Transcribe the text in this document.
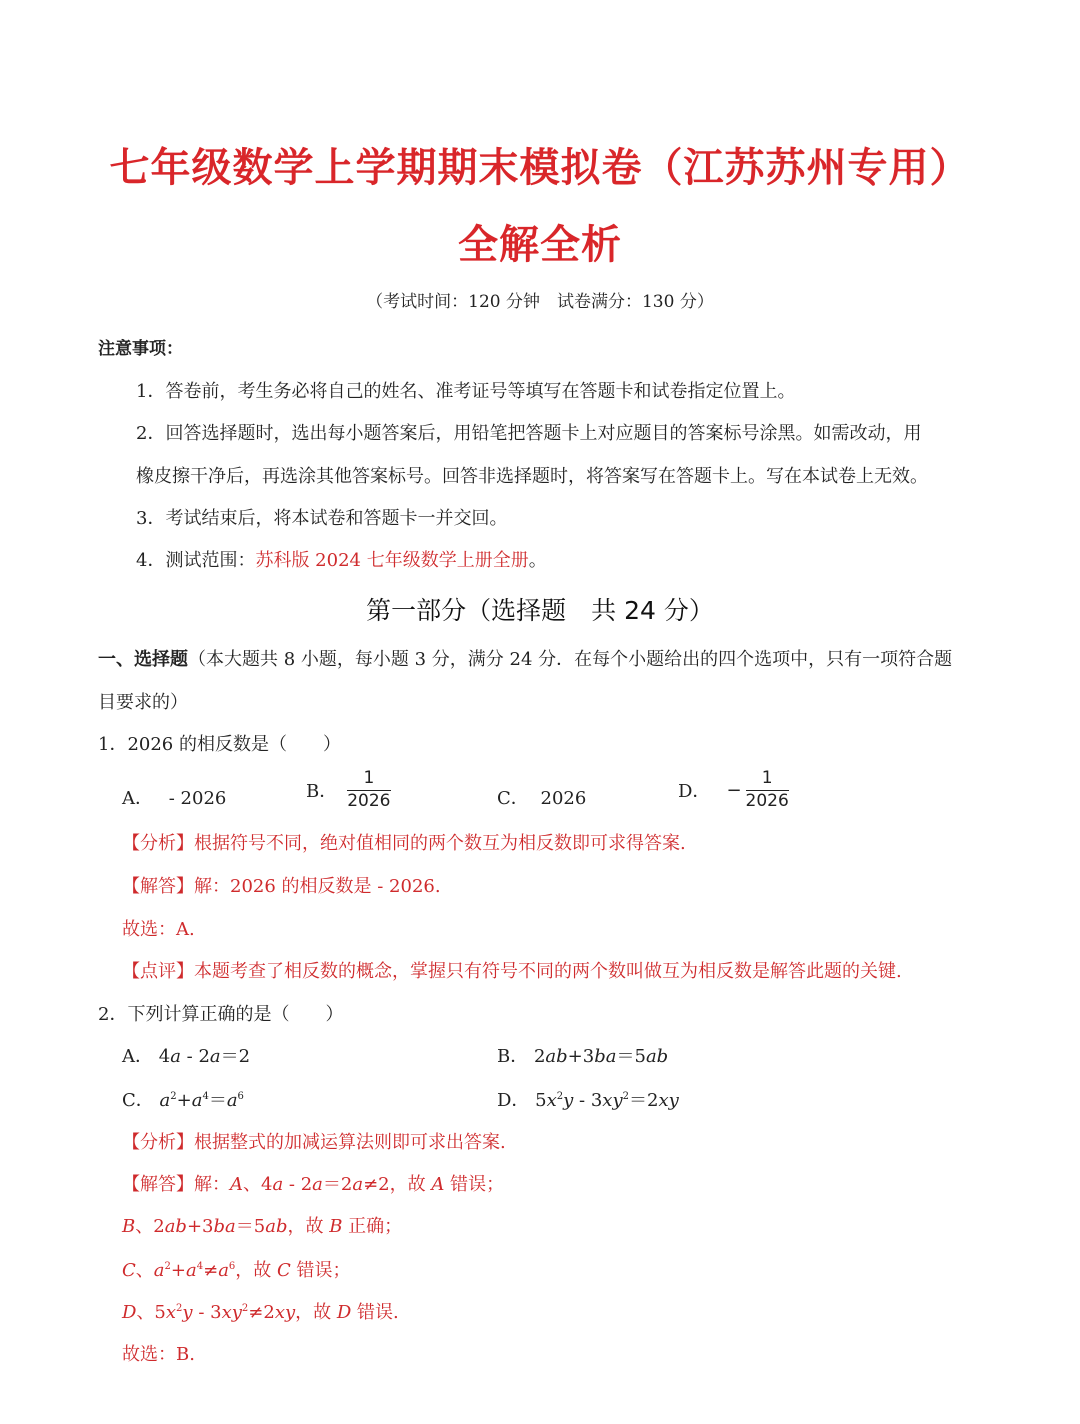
七年级数学上学期期末模拟卷（江苏苏州专用）
全解全析
（考试时间：120 分钟　试卷满分：130 分）
注意事项：
1．答卷前，考生务必将自己的姓名、准考证号等填写在答题卡和试卷指定位置上。
2．回答选择题时，选出每小题答案后，用铅笔把答题卡上对应题目的答案标号涂黑。如需改动，用
橡皮擦干净后，再选涂其他答案标号。回答非选择题时，将答案写在答题卡上。写在本试卷上无效。
3．考试结束后，将本试卷和答题卡一并交回。
4．测试范围：苏科版 2024 七年级数学上册全册。
第一部分（选择题　共 24 分）
一、选择题（本大题共 8 小题，每小题 3 分，满分 24 分．在每个小题给出的四个选项中，只有一项符合题
目要求的）
1．2026 的相反数是（　　）
A． - 2026	B． $\frac{1}{2026}$	C． 2026	D． − $\frac{1}{2026}$
【分析】根据符号不同，绝对值相同的两个数互为相反数即可求得答案.
【解答】解：2026 的相反数是 - 2026.
故选：A.
【点评】本题考查了相反数的概念，掌握只有符号不同的两个数叫做互为相反数是解答此题的关键.
2．下列计算正确的是（　　）
A． 4a - 2a＝2	B． 2ab+3ba＝5ab
C． $a^2+a^4=a^6$	D． $5x^2y - 3xy^2=2xy$
【分析】根据整式的加减运算法则即可求出答案.
【解答】解：A、4a - 2a＝2a≠2，故 A 错误；
B、2ab+3ba＝5ab，故 B 正确；
C、$a^2+a^4\ne a^6$，故 C 错误；
D、$5x^2y - 3xy^2\ne 2xy$，故 D 错误.
故选：B.
